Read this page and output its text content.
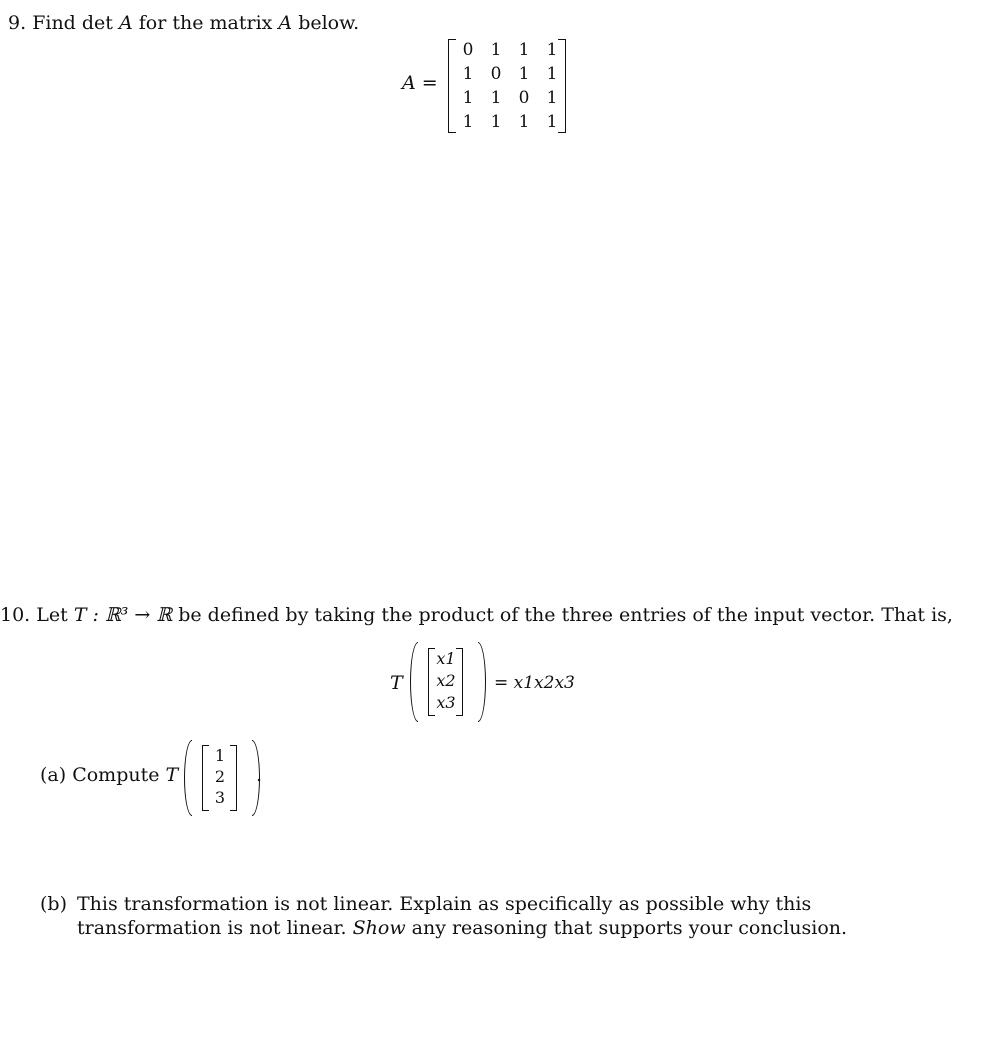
9. Find det A for the matrix A below.
A =
0	1	1	1
1	0	1	1
1	1	0	1
1	1	1	1
10. Let T : ℝ³ → ℝ be defined by taking the product of the three entries of the input vector. That is,
T
x1
x2
x3
= x1x2x3
(a) Compute T
1
2
3
.
(b) This transformation is not linear. Explain as specifically as possible why this transformation is not linear. Show any reasoning that supports your conclusion.
